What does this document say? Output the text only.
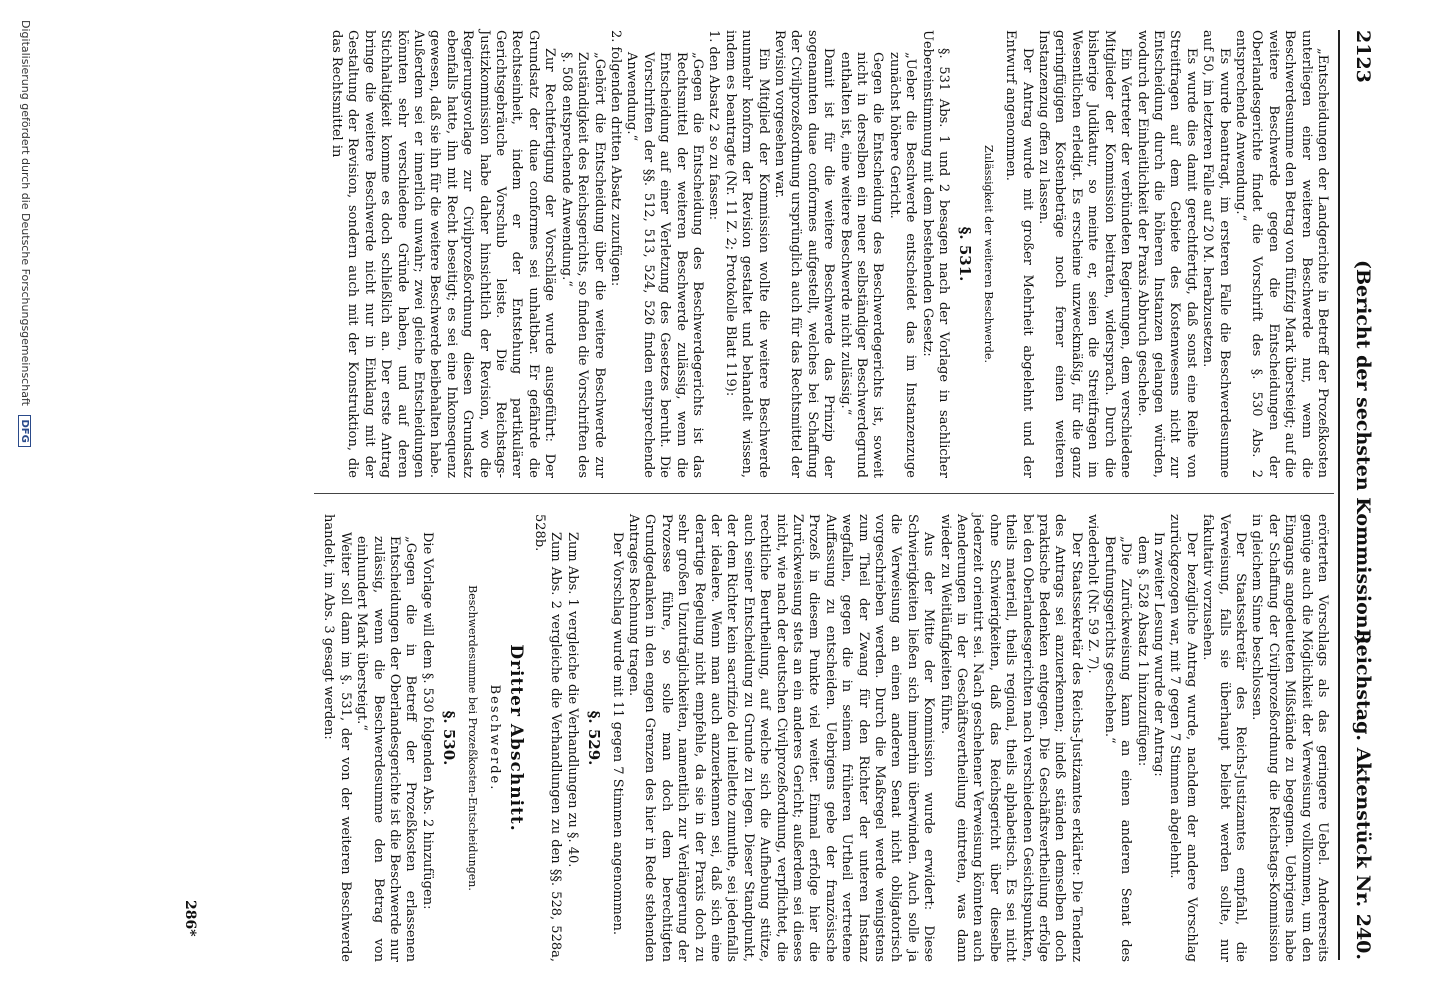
2123
(Bericht der sechsten Kommission.)
Reichstag. Aktenstück Nr. 240.

„Entscheidungen der Landgerichte in Betreff der Prozeßkosten unterliegen einer weiteren Beschwerde nur, wenn die Beschwerdesumme den Betrag von fünfzig Mark übersteigt; auf die weitere Beschwerde gegen die Entscheidungen der Oberlandesgerichte findet die Vorschrift des §. 530 Abs. 2 entsprechende Anwendung.“

Es wurde beantragt, im ersteren Falle die Beschwerdesumme auf 50, im letzteren Falle auf 20 M. herabzusetzen.

Es wurde dies damit gerechtfertigt, daß sonst eine Reihe von Streitfragen auf dem Gebiete des Kostenwesens nicht zur Entscheidung durch die höheren Instanzen gelangen würden, wodurch der Einheitlichkeit der Praxis Abbruch geschehe.

Ein Vertreter der verbündeten Regierungen, dem verschiedene Mitglieder der Kommission beitraten, widersprach. Durch die bisherige Judikatur, so meinte er, seien die Streitfragen im Wesentlichen erledigt. Es erscheine unzweckmäßig, für die ganz geringfügigen Kostenbeträge noch ferner einen weiteren Instanzenzug offen zu lassen.

Der Antrag wurde mit großer Mehrheit abgelehnt und der Entwurf angenommen.

Zulässigkeit der weiteren Beschwerde.

§. 531.

§. 531 Abs. 1 und 2 besagen nach der Vorlage in sachlicher Uebereinstimmung mit dem bestehenden Gesetz:

„Ueber die Beschwerde entscheidet das im Instanzenzuge zunächst höhere Gericht.

Gegen die Entscheidung des Beschwerdegerichts ist, soweit nicht in derselben ein neuer selbständiger Beschwerdegrund enthalten ist, eine weitere Beschwerde nicht zulässig.“

Damit ist für die weitere Beschwerde das Prinzip der sogenannten duae conformes aufgestellt, welches bei Schaffung der Civilprozeßordnung ursprünglich auch für das Rechtsmittel der Revision vorgesehen war.

Ein Mitglied der Kommission wollte die weitere Beschwerde nunmehr konform der Revision gestaltet und behandelt wissen, indem es beantragte (Nr. 11 Z. 2; Protokolle Blatt 119):

1. den Absatz 2 so zu fassen:

„Gegen die Entscheidung des Beschwerdegerichts ist das Rechtsmittel der weiteren Beschwerde zulässig, wenn die Entscheidung auf einer Verletzung des Gesetzes beruht. Die Vorschriften der §§. 512, 513, 524, 526 finden entsprechende Anwendung.“

2. folgenden dritten Absatz zuzufügen:

„Gehört die Entscheidung über die weitere Beschwerde zur Zuständigkeit des Reichsgerichts, so finden die Vorschriften des §. 508 entsprechende Anwendung.“

Zur Rechtfertigung der Vorschläge wurde ausgeführt: Der Grundsatz der duae conformes sei unhaltbar. Er gefährde die Rechtseinheit, indem er der Entstehung partikulärer Gerichtsgebräuche Vorschub leiste. Die Reichstags-Justizkommission habe daher hinsichtlich der Revision, wo die Regierungsvorlage zur Civilprozeßordnung diesen Grundsatz ebenfalls hatte, ihn mit Recht beseitigt; es sei eine Inkonsequenz gewesen, daß sie ihn für die weitere Beschwerde beibehalten habe. Außerdem sei er innerlich unwahr; zwei gleiche Entscheidungen könnten sehr verschiedene Gründe haben, und auf deren Stichhaltigkeit komme es doch schließlich an. Der erste Antrag bringe die weitere Beschwerde nicht nur in Einklang mit der Gestaltung der Revision, sondern auch mit der Konstruktion, die das Rechtsmittel in

erörterten Vorschlags als das geringere Uebel. Andererseits genüge auch die Möglichkeit der Verweisung vollkommen, um den Eingangs angedeuteten Mißstände zu begegnen. Uebrigens habe der Schaffung der Civilprozeßordnung die Reichstags-Kommission in gleichem Sinne beschlossen.

Der Staatssekretär des Reichs-Justizamtes empfahl, die Verweisung, falls sie überhaupt beliebt werden sollte, nur fakultativ vorzusehen.

Der bezügliche Antrag wurde, nachdem der andere Vorschlag zurückgezogen war, mit 7 gegen 7 Stimmen abgelehnt.

In zweiter Lesung wurde der Antrag:

dem §. 528 Absatz 1 hinzuzufügen:

„Die Zurückweisung kann an einen anderen Senat des Berufungsgerichts geschehen.“

wiederholt (Nr. 59 Z. 7).

Der Staatssekretär des Reichs-Justizamtes erklärte: Die Tendenz des Antrags sei anzuerkennen; indeß ständen demselben doch praktische Bedenken entgegen. Die Geschäftsvertheilung erfolge bei den Oberlandesgerichten nach verschiedenen Gesichtspunkten, theils materiell, theils regional, theils alphabetisch. Es sei nicht ohne Schwierigkeiten, daß das Reichsgericht über dieselbe jederzeit orientirt sei. Nach geschehener Verweisung könnten auch Aenderungen in der Geschäftsvertheilung eintreten, was dann wieder zu Weitläufigkeiten führe.

Aus der Mitte der Kommission wurde erwidert: Diese Schwierigkeiten ließen sich immerhin überwinden. Auch solle ja die Verweisung an einen anderen Senat nicht obligatorisch vorgeschrieben werden. Durch die Maßregel werde wenigstens zum Theil der Zwang für den Richter der unteren Instanz wegfallen, gegen die in seinem früheren Urtheil vertretene Auffassung zu entscheiden. Uebrigens gebe der französische Prozeß in diesem Punkte viel weiter. Einmal erfolge hier die Zurückweisung stets an ein anderes Gericht; außerdem sei dieses nicht, wie nach der deutschen Civilprozeßordnung, verpflichtet, die rechtliche Beurtheilung, auf welche sich die Aufhebung stütze, auch seiner Entscheidung zu Grunde zu legen. Dieser Standpunkt, der dem Richter kein sacrifizio del intelletto zumuthe, sei jedenfalls der idealere. Wenn man auch anzuerkennen sei, daß sich eine derartige Regelung nicht empfehle, da sie in der Praxis doch zu sehr großen Unzuträglichkeiten, namentlich zur Verlängerung der Prozesse führe, so solle man doch dem berechtigten Grundgedanken in den engen Grenzen des hier in Rede stehenden Antrages Rechnung tragen.

Der Vorschlag wurde mit 11 gegen 7 Stimmen angenommen.

§. 529.

Zum Abs. 1 vergleiche die Verhandlungen zu §. 40.

Zum Abs. 2 vergleiche die Verhandlungen zu den §§. 528, 528a, 528b.

Dritter Abschnitt.

Beschwerde.

Beschwerdesumme bei Prozeßkosten-Entscheidungen.

§. 530.

Die Vorlage will dem §. 530 folgenden Abs. 2 hinzufügen:

„Gegen die in Betreff der Prozeßkosten erlassenen Entscheidungen der Oberlandesgerichte ist die Beschwerde nur zulässig, wenn die Beschwerdesumme den Betrag von einhundert Mark übersteigt.“

Weiter soll dann im §. 531, der von der weiteren Beschwerde handelt, im Abs. 3 gesagt werden:

286*
Digitalisierung gefördert durch die Deutsche Forschungsgemeinschaft DFG
